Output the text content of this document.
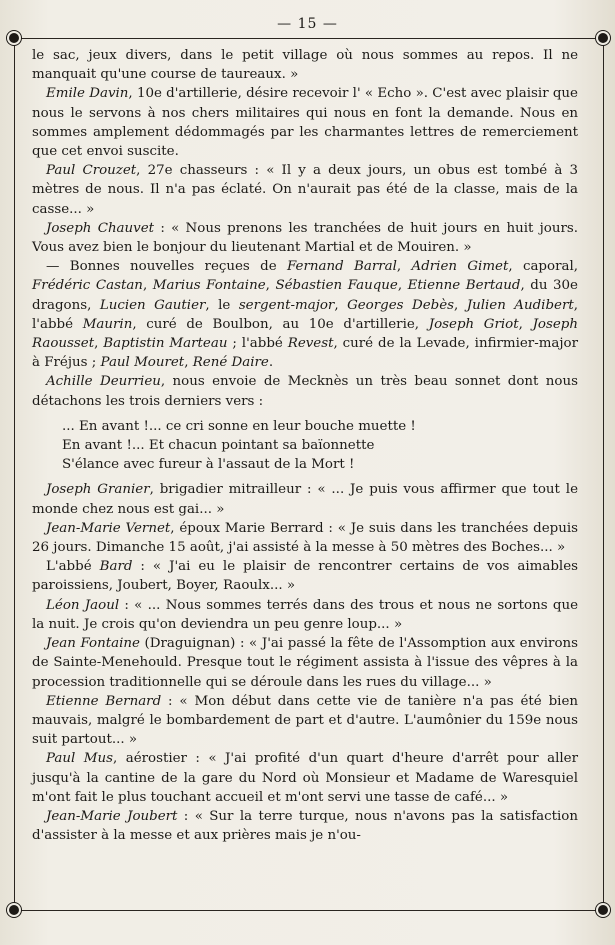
— 15 —

le sac, jeux divers, dans le petit village où nous sommes au repos. Il ne manquait qu'une course de taureaux. »

Emile Davin, 10e d'artillerie, désire recevoir l' « Echo ». C'est avec plaisir que nous le servons à nos chers militaires qui nous en font la demande. Nous en sommes amplement dédommagés par les charmantes lettres de remerciement que cet envoi suscite.

Paul Crouzet, 27e chasseurs : « Il y a deux jours, un obus est tombé à 3 mètres de nous. Il n'a pas éclaté. On n'aurait pas été de la classe, mais de la casse... »

Joseph Chauvet : « Nous prenons les tranchées de huit jours en huit jours. Vous avez bien le bonjour du lieutenant Martial et de Mouiren. »

— Bonnes nouvelles reçues de Fernand Barral, Adrien Gimet, caporal, Frédéric Castan, Marius Fontaine, Sébastien Fauque, Etienne Bertaud, du 30e dragons, Lucien Gautier, le sergent-major, Georges Debès, Julien Audibert, l'abbé Maurin, curé de Boulbon, au 10e d'artillerie, Joseph Griot, Joseph Raousset, Baptistin Marteau ; l'abbé Revest, curé de la Levade, infirmier-major à Fréjus ; Paul Mouret, René Daire.

Achille Deurrieu, nous envoie de Mecknès un très beau sonnet dont nous détachons les trois derniers vers :

... En avant !... ce cri sonne en leur bouche muette !
En avant !... Et chacun pointant sa baïonnette
S'élance avec fureur à l'assaut de la Mort !

Joseph Granier, brigadier mitrailleur : « ... Je puis vous affirmer que tout le monde chez nous est gai... »

Jean-Marie Vernet, époux Marie Berrard : « Je suis dans les tranchées depuis 26 jours. Dimanche 15 août, j'ai assisté à la messe à 50 mètres des Boches... »

L'abbé Bard : « J'ai eu le plaisir de rencontrer certains de vos aimables paroissiens, Joubert, Boyer, Raoulx... »

Léon Jaoul : « ... Nous sommes terrés dans des trous et nous ne sortons que la nuit. Je crois qu'on deviendra un peu genre loup... »

Jean Fontaine (Draguignan) : « J'ai passé la fête de l'Assomption aux environs de Sainte-Menehould. Presque tout le régiment assista à l'issue des vêpres à la procession traditionnelle qui se déroule dans les rues du village... »

Etienne Bernard : « Mon début dans cette vie de tanière n'a pas été bien mauvais, malgré le bombardement de part et d'autre. L'aumônier du 159e nous suit partout... »

Paul Mus, aérostier : « J'ai profité d'un quart d'heure d'arrêt pour aller jusqu'à la cantine de la gare du Nord où Monsieur et Madame de Waresquiel m'ont fait le plus touchant accueil et m'ont servi une tasse de café... »

Jean-Marie Joubert : « Sur la terre turque, nous n'avons pas la satisfaction d'assister à la messe et aux prières mais je n'ou-
